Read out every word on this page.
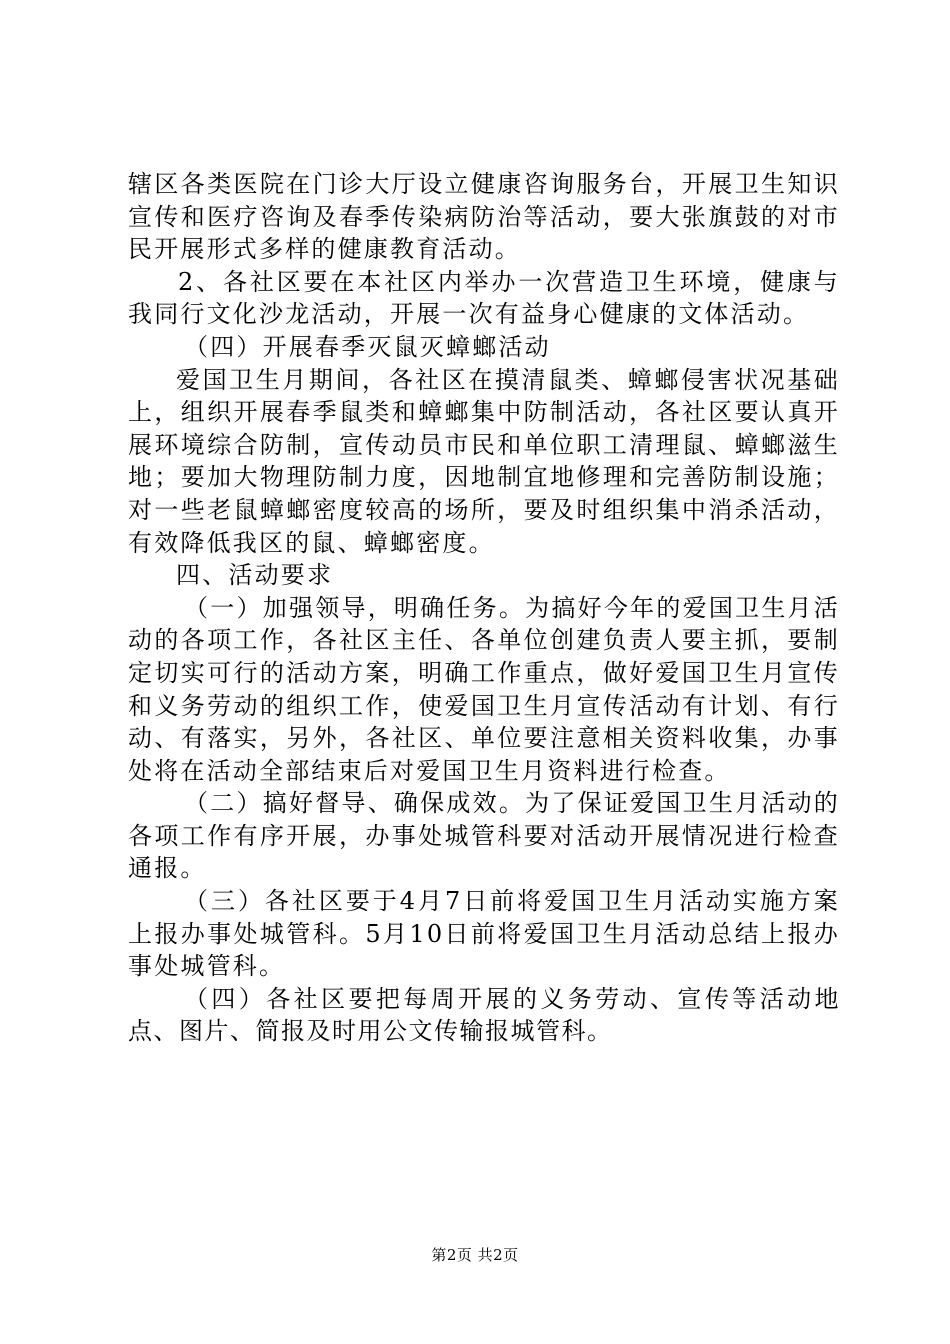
辖区各类医院在门诊大厅设立健康咨询服务台，开展卫生知识宣传和医疗咨询及春季传染病防治等活动，要大张旗鼓的对市民开展形式多样的健康教育活动。

2、各社区要在本社区内举办一次营造卫生环境，健康与我同行文化沙龙活动，开展一次有益身心健康的文体活动。

（四）开展春季灭鼠灭蟑螂活动

爱国卫生月期间，各社区在摸清鼠类、蟑螂侵害状况基础上，组织开展春季鼠类和蟑螂集中防制活动，各社区要认真开展环境综合防制，宣传动员市民和单位职工清理鼠、蟑螂滋生地；要加大物理防制力度，因地制宜地修理和完善防制设施；对一些老鼠蟑螂密度较高的场所，要及时组织集中消杀活动，有效降低我区的鼠、蟑螂密度。

四、活动要求

（一）加强领导，明确任务。为搞好今年的爱国卫生月活动的各项工作，各社区主任、各单位创建负责人要主抓，要制定切实可行的活动方案，明确工作重点，做好爱国卫生月宣传和义务劳动的组织工作，使爱国卫生月宣传活动有计划、有行动、有落实，另外，各社区、单位要注意相关资料收集，办事处将在活动全部结束后对爱国卫生月资料进行检查。

（二）搞好督导、确保成效。为了保证爱国卫生月活动的各项工作有序开展，办事处城管科要对活动开展情况进行检查通报。

（三）各社区要于4月7日前将爱国卫生月活动实施方案上报办事处城管科。5月10日前将爱国卫生月活动总结上报办事处城管科。

（四）各社区要把每周开展的义务劳动、宣传等活动地点、图片、简报及时用公文传输报城管科。

第2页 共2页
